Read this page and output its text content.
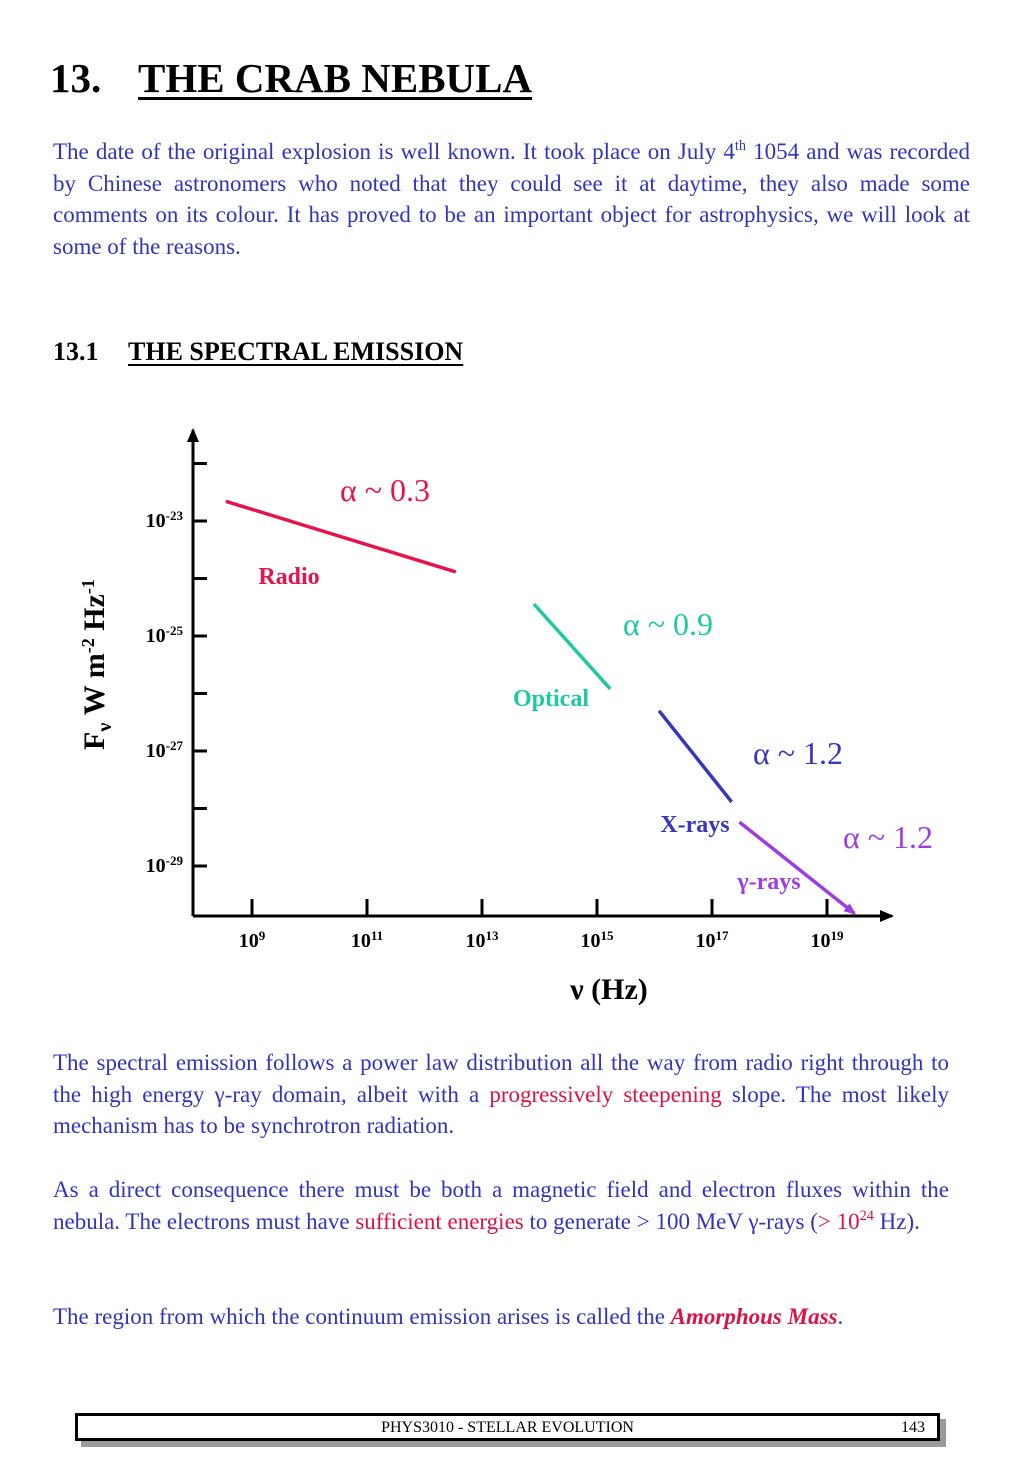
13. THE CRAB NEBULA

The date of the original explosion is well known. It took place on July 4th 1054 and was recorded by Chinese astronomers who noted that they could see it at daytime, they also made some comments on its colour. It has proved to be an important object for astrophysics, we will look at some of the reasons.

13.1 THE SPECTRAL EMISSION
$10^{-23}$
$10^{-25}$
$10^{-27}$
$10^{-29}$
$10^9$	$10^{11}$	$10^{13}$	$10^{15}$	$10^{17}$	$10^{19}$
Radio
α ~ 0.3
Optical
α ~ 0.9
X-rays
α ~ 1.2
γ-rays
α ~ 1.2
$F_\nu$ W $m^{-2}$ $Hz^{-1}$
ν (Hz)

The spectral emission follows a power law distribution all the way from radio right through to the high energy γ-ray domain, albeit with a progressively steepening slope. The most likely mechanism has to be synchrotron radiation.

As a direct consequence there must be both a magnetic field and electron fluxes within the nebula. The electrons must have sufficient energies to generate > 100 MeV γ-rays (> $10^{24}$ Hz).

The region from which the continuum emission arises is called the Amorphous Mass.

PHYS3010 - STELLAR EVOLUTION	143
